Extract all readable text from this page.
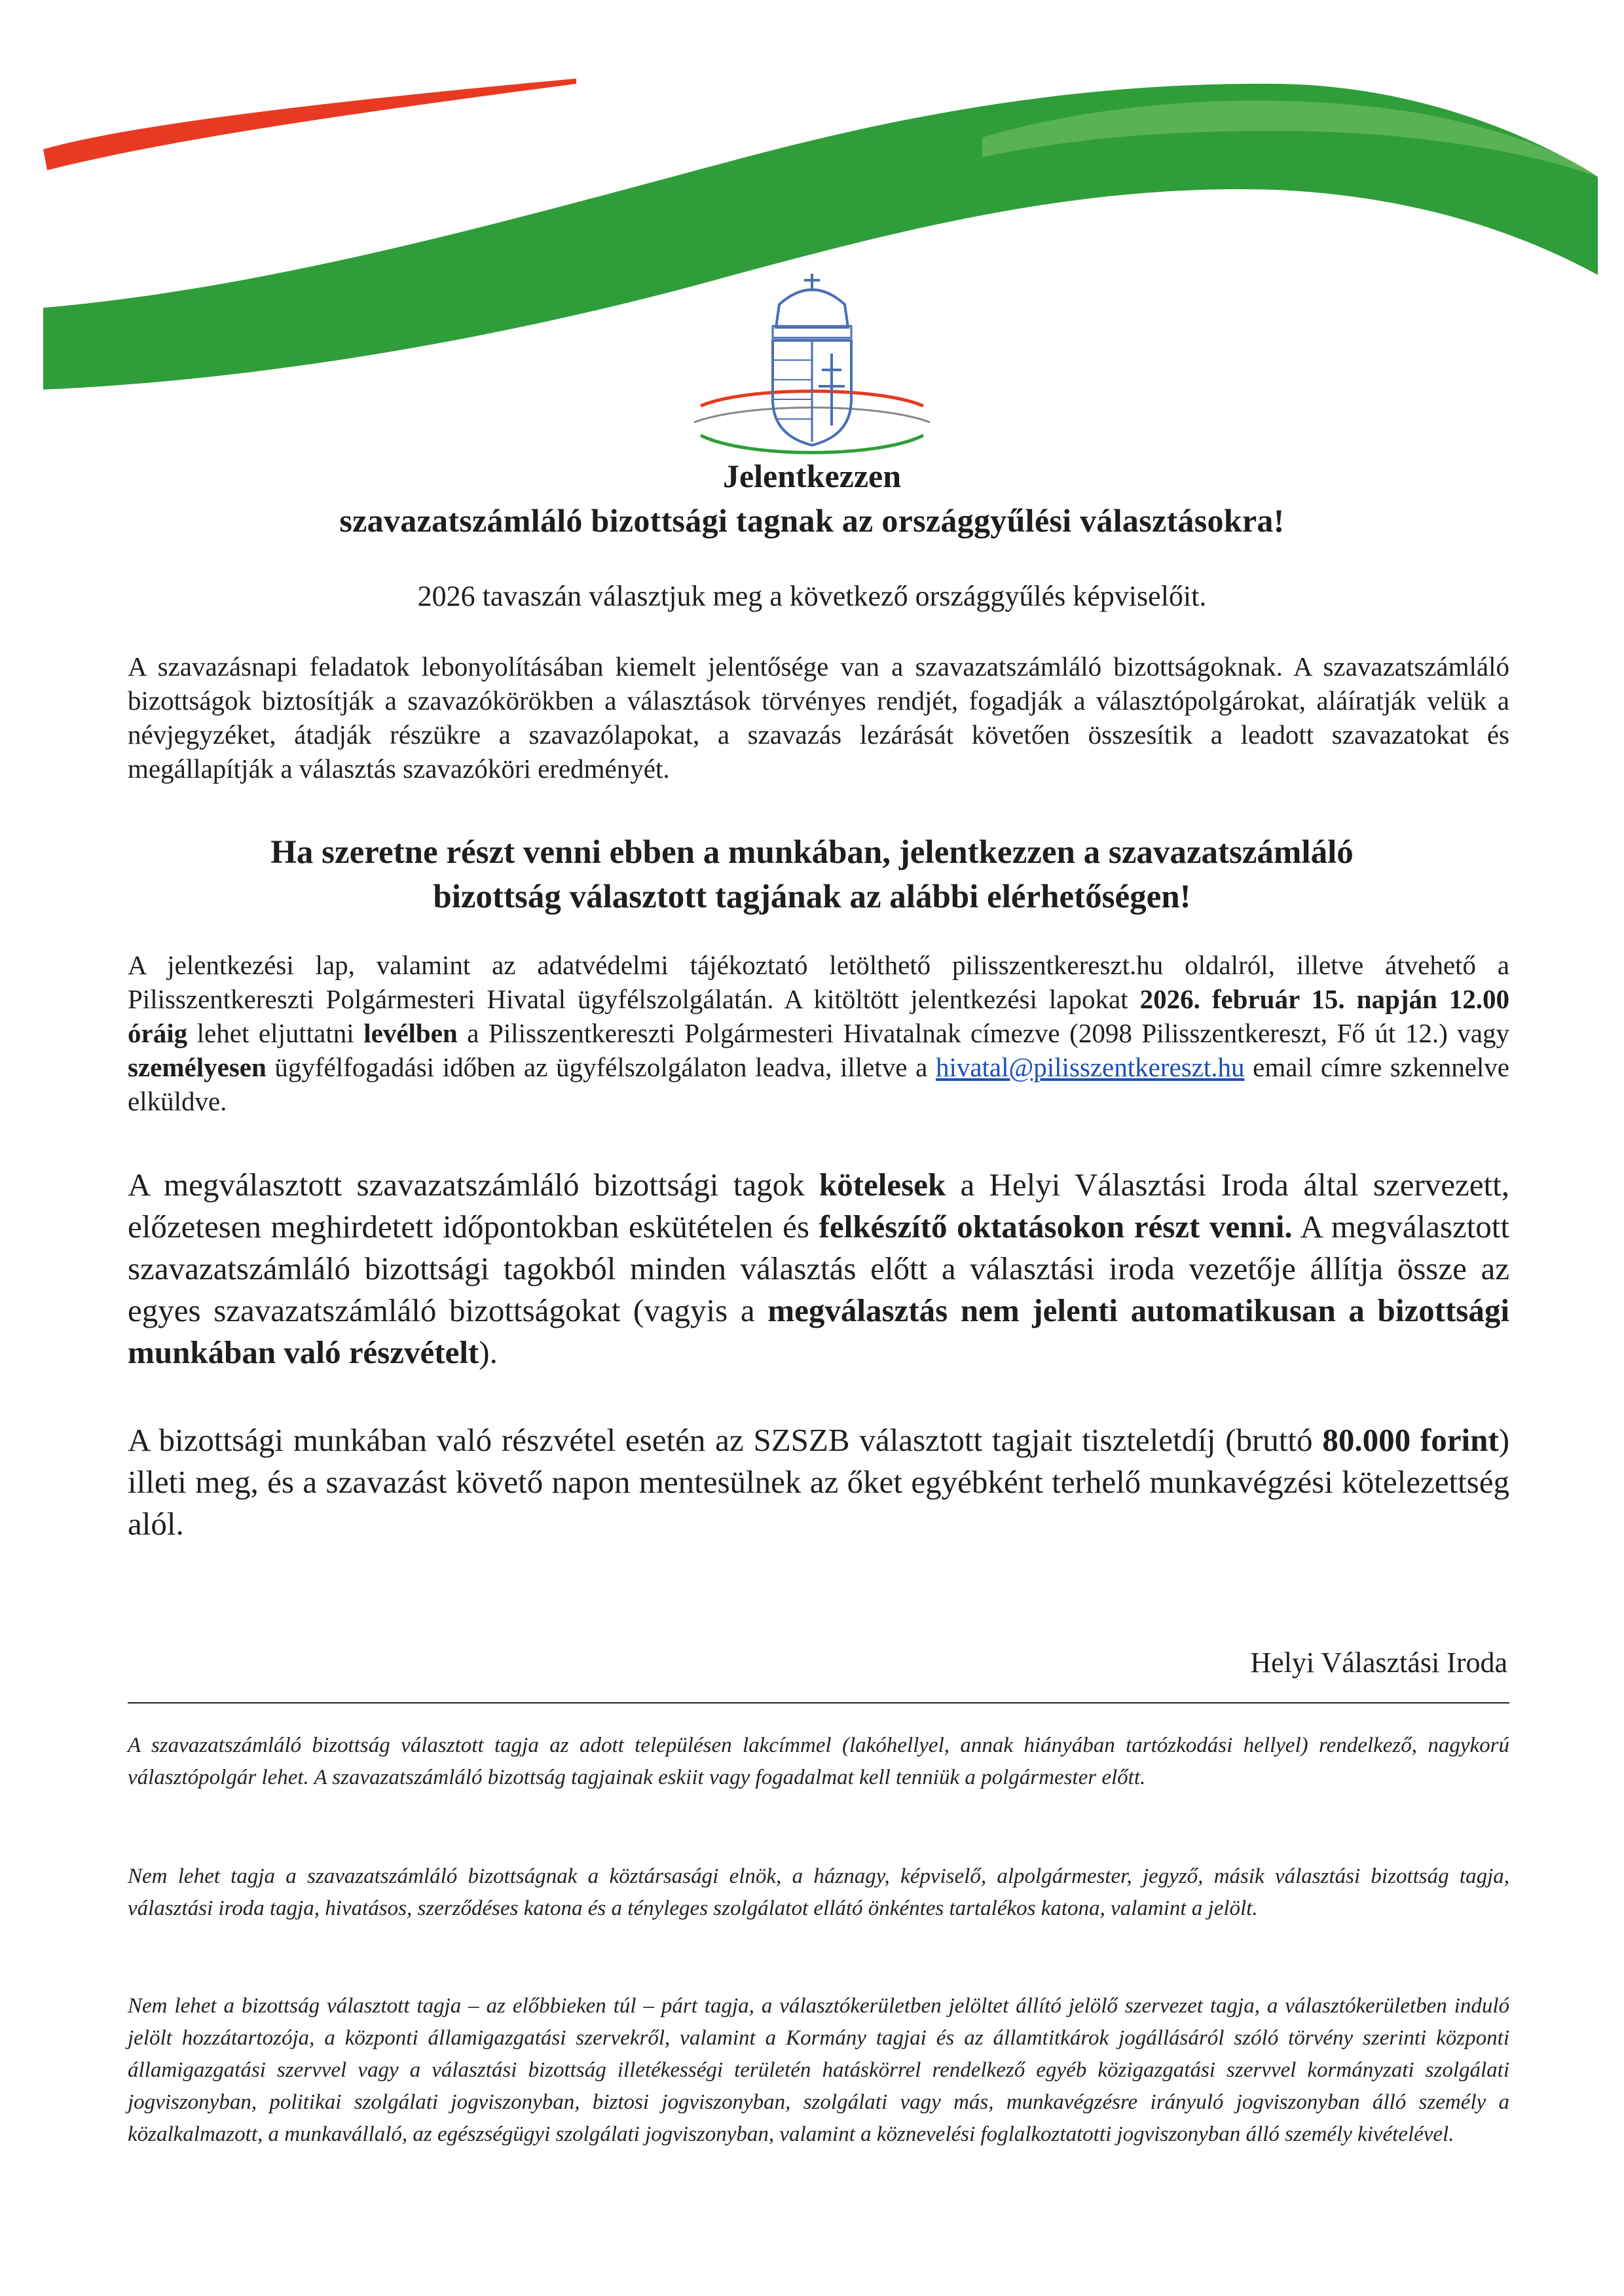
Jelentkezzen
szavazatszámláló bizottsági tagnak az országgyűlési választásokra!
2026 tavaszán választjuk meg a következő országgyűlés képviselőit.
A szavazásnapi feladatok lebonyolításában kiemelt jelentősége van a szavazatszámláló bizottságoknak. A szavazatszámláló bizottságok biztosítják a szavazókörökben a választások törvényes rendjét, fogadják a választópolgárokat, aláíratják velük a névjegyzéket, átadják részükre a szavazólapokat, a szavazás lezárását követően összesítik a leadott szavazatokat és megállapítják a választás szavazóköri eredményét.
Ha szeretne részt venni ebben a munkában, jelentkezzen a szavazatszámláló
bizottság választott tagjának az alábbi elérhetőségen!
A jelentkezési lap, valamint az adatvédelmi tájékoztató letölthető pilisszentkereszt.hu oldalról, illetve átvehető a Pilisszentkereszti Polgármesteri Hivatal ügyfélszolgálatán. A kitöltött jelentkezési lapokat 2026. február 15. napján 12.00 óráig lehet eljuttatni levélben a Pilisszentkereszti Polgármesteri Hivatalnak címezve (2098 Pilisszentkereszt, Fő út 12.) vagy személyesen ügyfélfogadási időben az ügyfélszolgálaton leadva, illetve a hivatal@pilisszentkereszt.hu email címre szkennelve elküldve.
A megválasztott szavazatszámláló bizottsági tagok kötelesek a Helyi Választási Iroda által szervezett, előzetesen meghirdetett időpontokban eskütételen és felkészítő oktatásokon részt venni. A megválasztott szavazatszámláló bizottsági tagokból minden választás előtt a választási iroda vezetője állítja össze az egyes szavazatszámláló bizottságokat (vagyis a megválasztás nem jelenti automatikusan a bizottsági munkában való részvételt).
A bizottsági munkában való részvétel esetén az SZSZB választott tagjait tiszteletdíj (bruttó 80.000 forint) illeti meg, és a szavazást követő napon mentesülnek az őket egyébként terhelő munkavégzési kötelezettség alól.
Helyi Választási Iroda
A szavazatszámláló bizottság választott tagja az adott településen lakcímmel (lakóhellyel, annak hiányában tartózkodási hellyel) rendelkező, nagykorú választópolgár lehet. A szavazatszámláló bizottság tagjainak eskiit vagy fogadalmat kell tenniük a polgármester előtt.
Nem lehet tagja a szavazatszámláló bizottságnak a köztársasági elnök, a háznagy, képviselő, alpolgármester, jegyző, másik választási bizottság tagja, választási iroda tagja, hivatásos, szerződéses katona és a tényleges szolgálatot ellátó önkéntes tartalékos katona, valamint a jelölt.
Nem lehet a bizottság választott tagja – az előbbieken túl – párt tagja, a választókerületben jelöltet állító jelölő szervezet tagja, a választókerületben induló jelölt hozzátartozója, a központi államigazgatási szervekről, valamint a Kormány tagjai és az államtitkárok jogállásáról szóló törvény szerinti központi államigazgatási szervvel vagy a választási bizottság illetékességi területén hatáskörrel rendelkező egyéb közigazgatási szervvel kormányzati szolgálati jogviszonyban, politikai szolgálati jogviszonyban, biztosi jogviszonyban, szolgálati vagy más, munkavégzésre irányuló jogviszonyban álló személy a közalkalmazott, a munkavállaló, az egészségügyi szolgálati jogviszonyban, valamint a köznevelési foglalkoztatotti jogviszonyban álló személy kivételével.
